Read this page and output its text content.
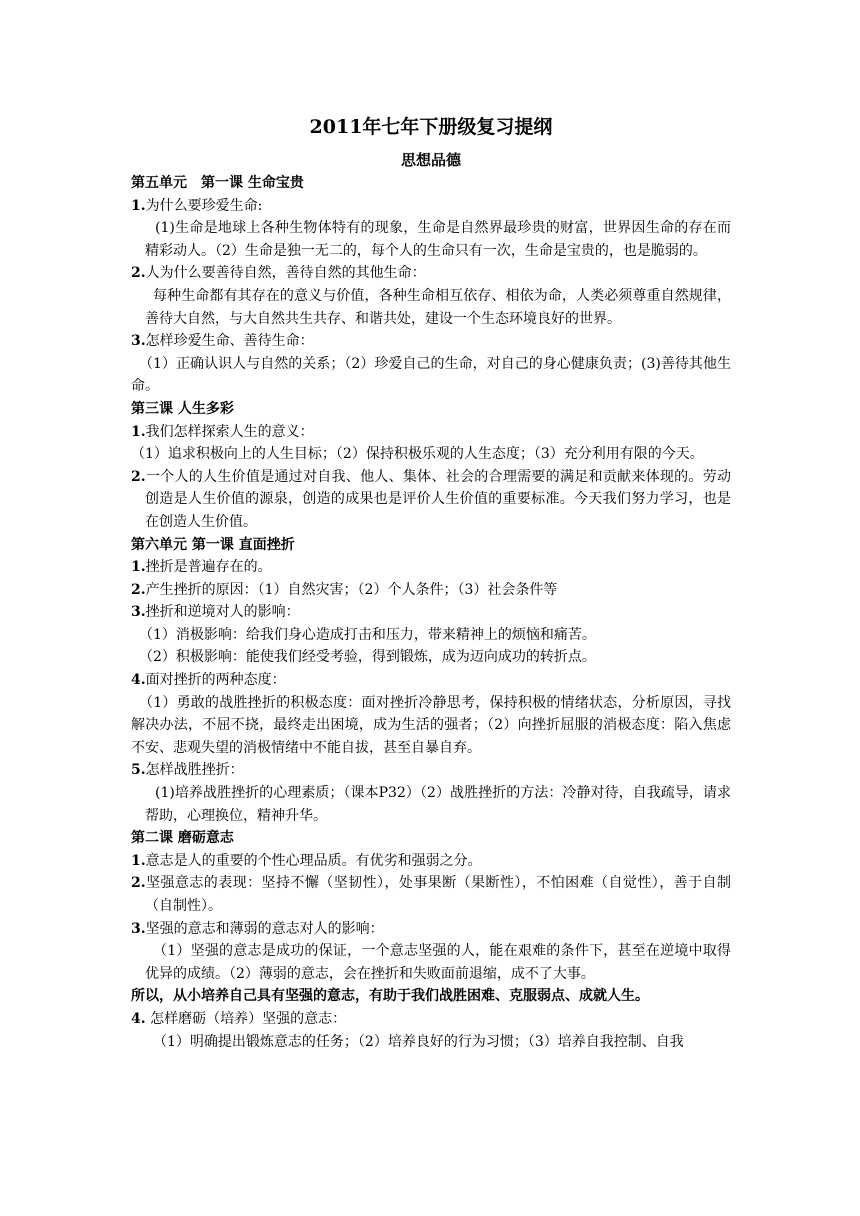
2011年七年下册级复习提纲
思想品德

第五单元　第一课 生命宝贵

1.为什么要珍爱生命:

(1)生命是地球上各种生物体特有的现象，生命是自然界最珍贵的财富，世界因生命的存在而精彩动人。（2）生命是独一无二的，每个人的生命只有一次，生命是宝贵的，也是脆弱的。

2.人为什么要善待自然，善待自然的其他生命：

每种生命都有其存在的意义与价值，各种生命相互依存、相依为命，人类必须尊重自然规律，善待大自然，与大自然共生共存、和谐共处，建设一个生态环境良好的世界。

3.怎样珍爱生命、善待生命：

（1）正确认识人与自然的关系；（2）珍爱自己的生命，对自己的身心健康负责；(3)善待其他生命。

第三课 人生多彩

1.我们怎样探索人生的意义：

（1）追求积极向上的人生目标；（2）保持积极乐观的人生态度；（3）充分利用有限的今天。

2.一个人的人生价值是通过对自我、他人、集体、社会的合理需要的满足和贡献来体现的。劳动创造是人生价值的源泉，创造的成果也是评价人生价值的重要标准。今天我们努力学习，也是在创造人生价值。

第六单元 第一课 直面挫折

1.挫折是普遍存在的。

2.产生挫折的原因：（1）自然灾害；（2）个人条件；（3）社会条件等

3.挫折和逆境对人的影响：

（1）消极影响：给我们身心造成打击和压力，带来精神上的烦恼和痛苦。

（2）积极影响：能使我们经受考验，得到锻炼，成为迈向成功的转折点。

4.面对挫折的两种态度：

（1）勇敢的战胜挫折的积极态度：面对挫折冷静思考，保持积极的情绪状态，分析原因，寻找解决办法，不屈不挠，最终走出困境，成为生活的强者；（2）向挫折屈服的消极态度：陷入焦虑不安、悲观失望的消极情绪中不能自拔，甚至自暴自弃。

5.怎样战胜挫折：

(1)培养战胜挫折的心理素质；（课本P32）（2）战胜挫折的方法：冷静对待，自我疏导，请求帮助，心理换位，精神升华。

第二课 磨砺意志

1.意志是人的重要的个性心理品质。有优劣和强弱之分。

2.坚强意志的表现：坚持不懈（坚韧性），处事果断（果断性），不怕困难（自觉性），善于自制（自制性）。

3.坚强的意志和薄弱的意志对人的影响：

（1）坚强的意志是成功的保证，一个意志坚强的人，能在艰难的条件下，甚至在逆境中取得优异的成绩。（2）薄弱的意志，会在挫折和失败面前退缩，成不了大事。

所以，从小培养自己具有坚强的意志，有助于我们战胜困难、克服弱点、成就人生。

4. 怎样磨砺（培养）坚强的意志：

（1）明确提出锻炼意志的任务；（2）培养良好的行为习惯；（3）培养自我控制、自我
